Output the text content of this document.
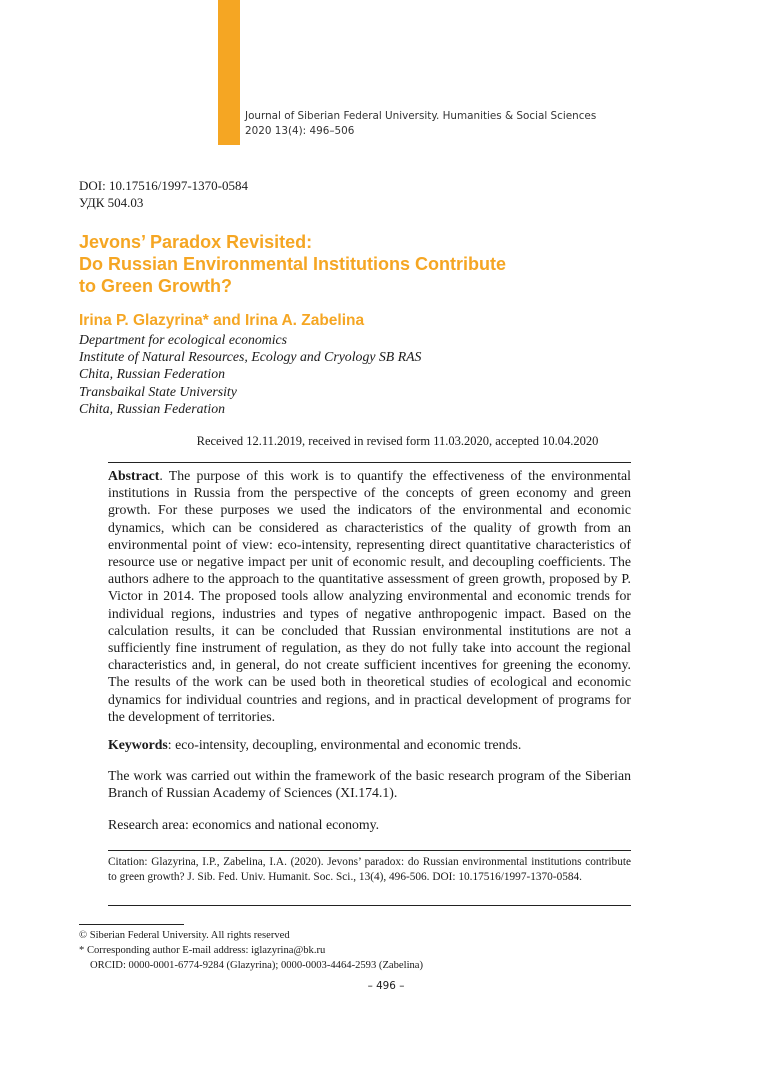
Journal of Siberian Federal University. Humanities & Social Sciences
2020 13(4): 496–506
DOI: 10.17516/1997-1370-0584
УДК 504.03
Jevons’ Paradox Revisited:
Do Russian Environmental Institutions Contribute
to Green Growth?
Irina P. Glazyrina* and Irina A. Zabelina
Department for ecological economics
Institute of Natural Resources, Ecology and Cryology SB RAS
Chita, Russian Federation
Transbaikal State University
Chita, Russian Federation
Received 12.11.2019, received in revised form 11.03.2020, accepted 10.04.2020

Abstract. The purpose of this work is to quantify the effectiveness of the environmental institutions in Russia from the perspective of the concepts of green economy and green growth. For these purposes we used the indicators of the environmental and economic dynamics, which can be considered as characteristics of the quality of growth from an environmental point of view: eco-intensity, representing direct quantitative characteristics of resource use or negative impact per unit of economic result, and decoupling coefficients. The authors adhere to the approach to the quantitative assessment of green growth, proposed by P. Victor in 2014. The proposed tools allow analyzing environmental and economic trends for individual regions, industries and types of negative anthropogenic impact. Based on the calculation results, it can be concluded that Russian environmental institutions are not a sufficiently fine instrument of regulation, as they do not fully take into account the regional characteristics and, in general, do not create sufficient incentives for greening the economy. The results of the work can be used both in theoretical studies of ecological and economic dynamics for individual countries and regions, and in practical development of programs for the development of territories.

Keywords: eco-intensity, decoupling, environmental and economic trends.

The work was carried out within the framework of the basic research program of the Siberian Branch of Russian Academy of Sciences (XI.174.1).

Research area: economics and national economy.

Citation: Glazyrina, I.P., Zabelina, I.A. (2020). Jevons’ paradox: do Russian environmental institutions contribute to green growth? J. Sib. Fed. Univ. Humanit. Soc. Sci., 13(4), 496-506. DOI: 10.17516/1997-1370-0584.

© Siberian Federal University. All rights reserved
* Corresponding author E-mail address: iglazyrina@bk.ru
ORCID: 0000-0001-6774-9284 (Glazyrina); 0000-0003-4464-2593 (Zabelina)
– 496 –
